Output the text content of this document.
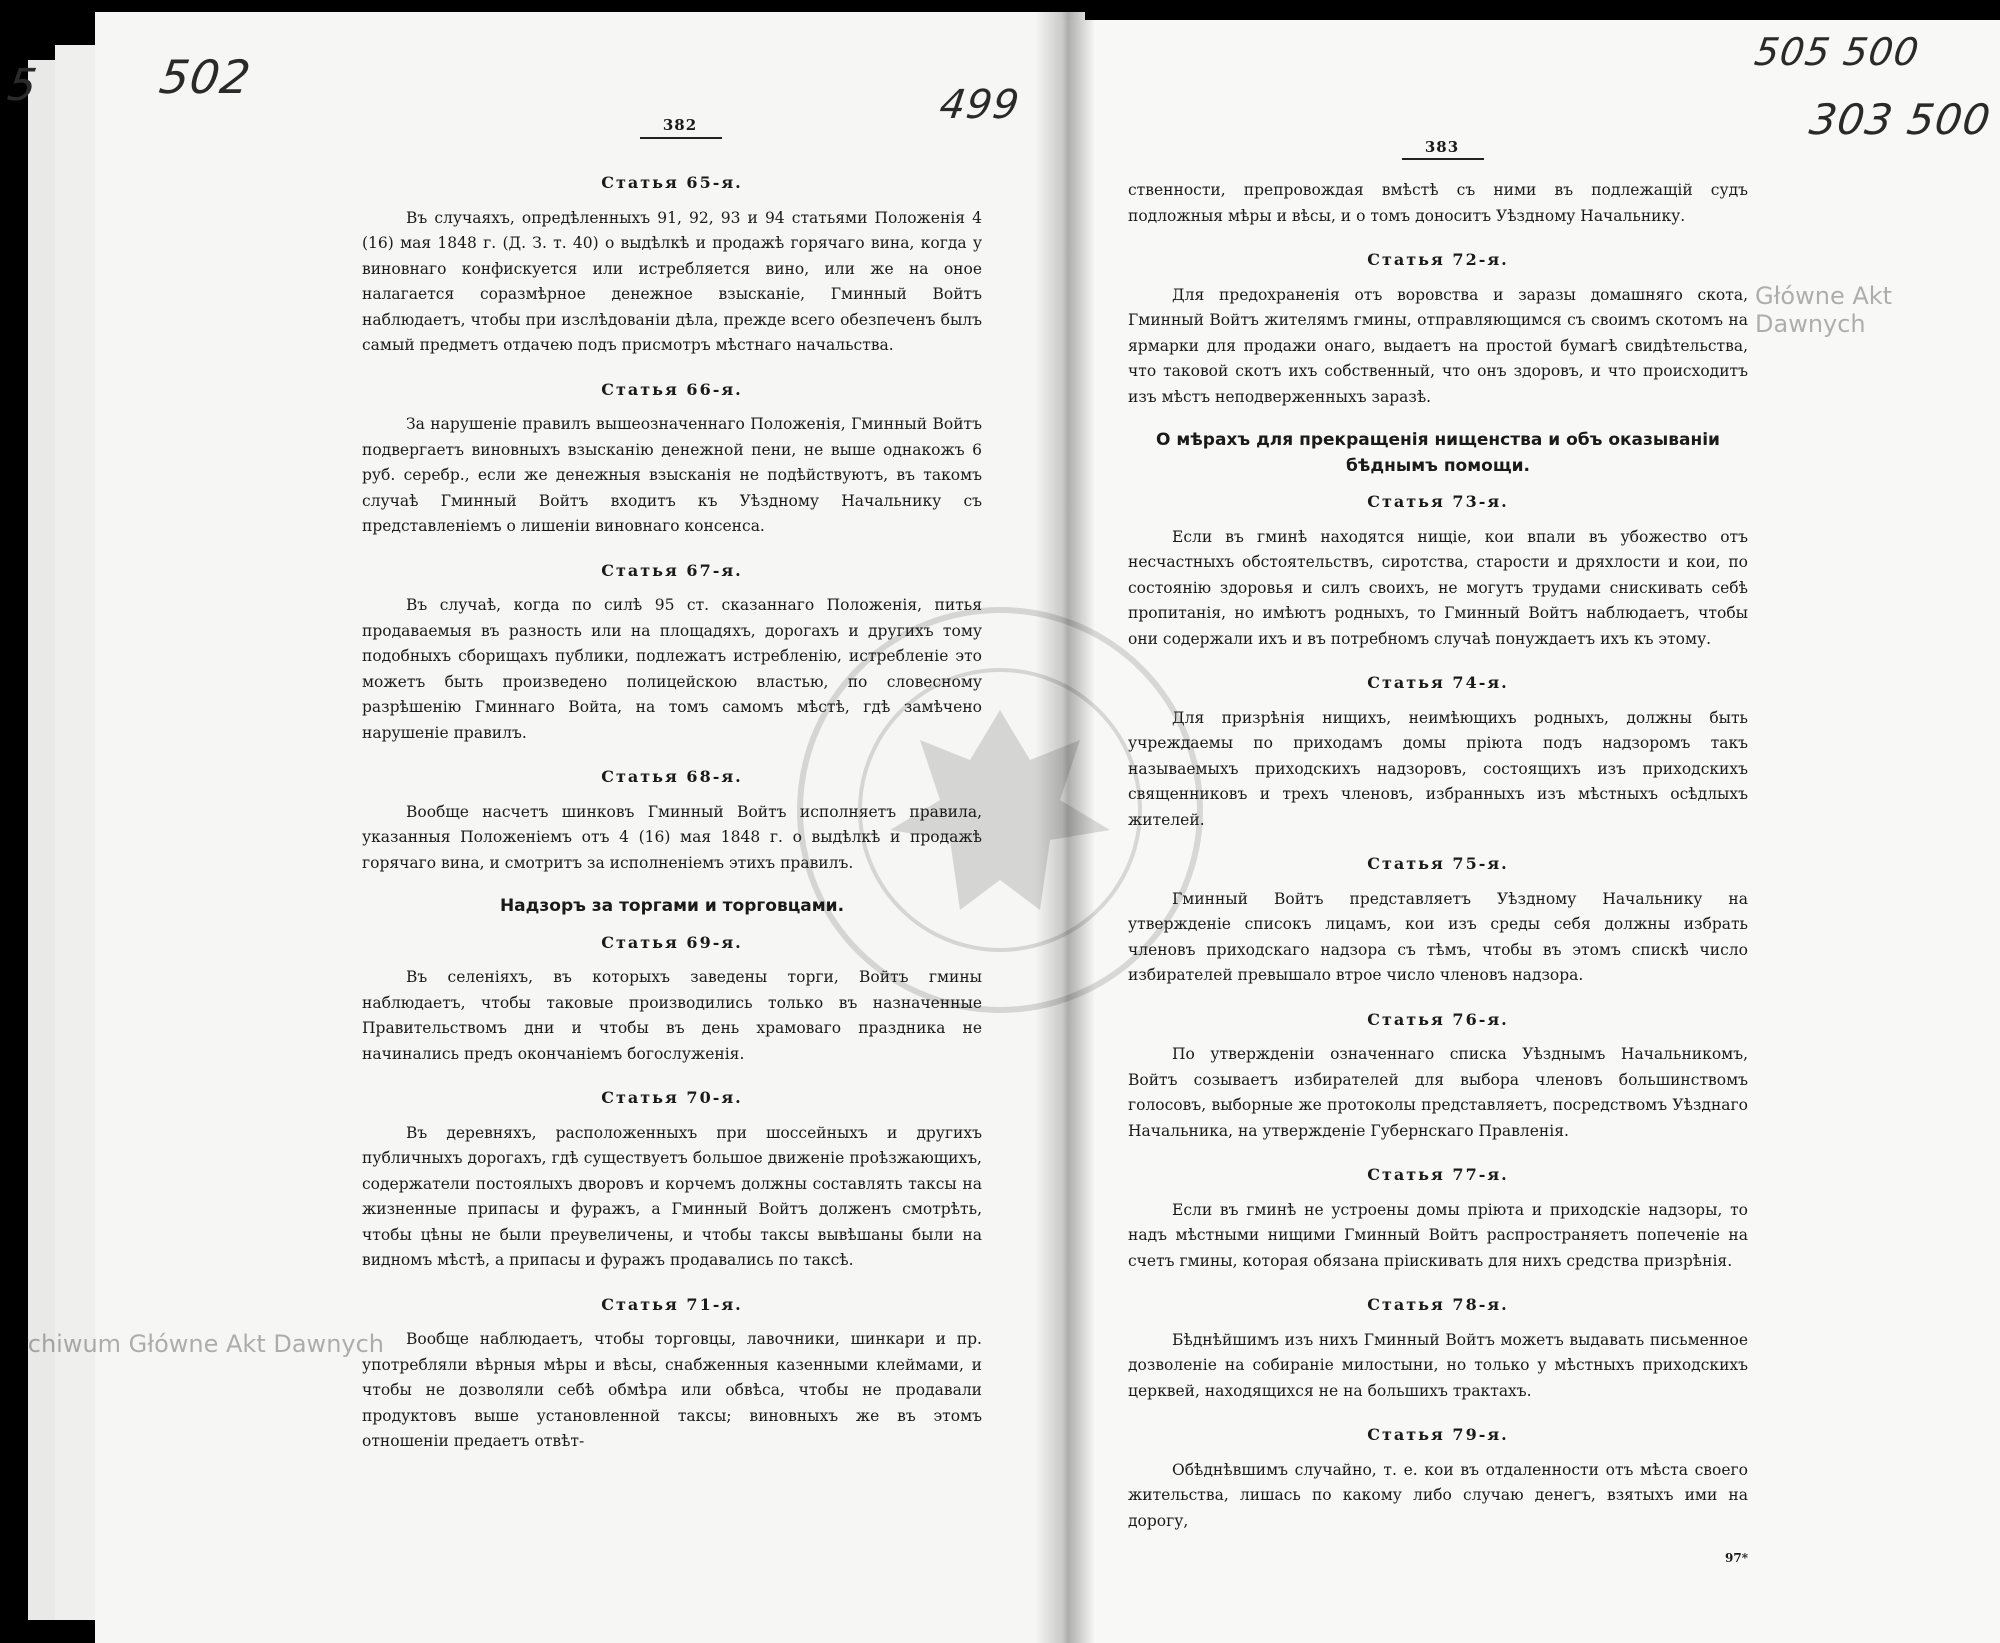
5	502
499
505 500
303 500
382
383
Archiwum Główne Akt Dawnych
Główne Akt Dawnych
Статья 65-я.

Въ случаяхъ, опредѣленныхъ 91, 92, 93 и 94 статьями Положенія 4 (16) мая 1848 г. (Д. З. т. 40) о выдѣлкѣ и продажѣ горячаго вина, когда у виновнаго конфискуется или истребляется вино, или же на оное налагается соразмѣрное денежное взысканіе, Гминный Войтъ наблюдаетъ, чтобы при изслѣдованіи дѣла, прежде всего обезпеченъ былъ самый предметъ отдачею подъ присмотръ мѣстнаго начальства.

Статья 66-я.

За нарушеніе правилъ вышеозначеннаго Положенія, Гминный Войтъ подвергаетъ виновныхъ взысканію денежной пени, не выше однакожъ 6 руб. серебр., если же денежныя взысканія не подѣйствуютъ, въ такомъ случаѣ Гминный Войтъ входитъ къ Уѣздному Начальнику съ представленіемъ о лишеніи виновнаго консенса.

Статья 67-я.

Въ случаѣ, когда по силѣ 95 ст. сказаннаго Положенія, питья продаваемыя въ разность или на площадяхъ, дорогахъ и другихъ тому подобныхъ сборищахъ публики, подлежатъ истребленію, истребленіе это можетъ быть произведено полицейскою властью, по словесному разрѣшенію Гминнаго Войта, на томъ самомъ мѣстѣ, гдѣ замѣчено нарушеніе правилъ.

Статья 68-я.

Вообще насчетъ шинковъ Гминный Войтъ исполняетъ правила, указанныя Положеніемъ отъ 4 (16) мая 1848 г. о выдѣлкѣ и продажѣ горячаго вина, и смотритъ за исполненіемъ этихъ правилъ.

Надзоръ за торгами и торговцами.
Статья 69-я.

Въ селеніяхъ, въ которыхъ заведены торги, Войтъ гмины наблюдаетъ, чтобы таковые производились только въ назначенные Правительствомъ дни и чтобы въ день храмоваго праздника не начинались предъ окончаніемъ богослуженія.

Статья 70-я.

Въ деревняхъ, расположенныхъ при шоссейныхъ и другихъ публичныхъ дорогахъ, гдѣ существуетъ большое движеніе проѣзжающихъ, содержатели постоялыхъ дворовъ и корчемъ должны составлять таксы на жизненные припасы и фуражъ, а Гминный Войтъ долженъ смотрѣть, чтобы цѣны не были преувеличены, и чтобы таксы вывѣшаны были на видномъ мѣстѣ, а припасы и фуражъ продавались по таксѣ.

Статья 71-я.

Вообще наблюдаетъ, чтобы торговцы, лавочники, шинкари и пр. употребляли вѣрныя мѣры и вѣсы, снабженныя казенными клеймами, и чтобы не дозволяли себѣ обмѣра или обвѣса, чтобы не продавали продуктовъ выше установленной таксы; виновныхъ же въ этомъ отношеніи предаетъ отвѣт-

ственности, препровождая вмѣстѣ съ ними въ подлежащій судъ подложныя мѣры и вѣсы, и о томъ доноситъ Уѣздному Начальнику.

Статья 72-я.

Для предохраненія отъ воровства и заразы домашняго скота, Гминный Войтъ жителямъ гмины, отправляющимся съ своимъ скотомъ на ярмарки для продажи онаго, выдаетъ на простой бумагѣ свидѣтельства, что таковой скотъ ихъ собственный, что онъ здоровъ, и что происходитъ изъ мѣстъ неподверженныхъ заразѣ.

О мѣрахъ для прекращенія нищенства и объ оказываніи бѣднымъ помощи.
Статья 73-я.

Если въ гминѣ находятся нищіе, кои впали въ убожество отъ несчастныхъ обстоятельствъ, сиротства, старости и дряхлости и кои, по состоянію здоровья и силъ своихъ, не могутъ трудами снискивать себѣ пропитанія, но имѣютъ родныхъ, то Гминный Войтъ наблюдаетъ, чтобы они содержали ихъ и въ потребномъ случаѣ понуждаетъ ихъ къ этому.

Статья 74-я.

Для призрѣнія нищихъ, неимѣющихъ родныхъ, должны быть учреждаемы по приходамъ домы пріюта подъ надзоромъ такъ называемыхъ приходскихъ надзоровъ, состоящихъ изъ приходскихъ священниковъ и трехъ членовъ, избранныхъ изъ мѣстныхъ осѣдлыхъ жителей.

Статья 75-я.

Гминный Войтъ представляетъ Уѣздному Начальнику на утвержденіе списокъ лицамъ, кои изъ среды себя должны избрать членовъ приходскаго надзора съ тѣмъ, чтобы въ этомъ спискѣ число избирателей превышало втрое число членовъ надзора.

Статья 76-я.

По утвержденіи означеннаго списка Уѣзднымъ Начальникомъ, Войтъ созываетъ избирателей для выбора членовъ большинствомъ голосовъ, выборные же протоколы представляетъ, посредствомъ Уѣзднаго Начальника, на утвержденіе Губернскаго Правленія.

Статья 77-я.

Если въ гминѣ не устроены домы пріюта и приходскіе надзоры, то надъ мѣстными нищими Гминный Войтъ распространяетъ попеченіе на счетъ гмины, которая обязана пріискивать для нихъ средства призрѣнія.

Статья 78-я.

Бѣднѣйшимъ изъ нихъ Гминный Войтъ можетъ выдавать письменное дозволеніе на собираніе милостыни, но только у мѣстныхъ приходскихъ церквей, находящихся не на большихъ трактахъ.

Статья 79-я.

Обѣднѣвшимъ случайно, т. е. кои въ отдаленности отъ мѣста своего жительства, лишась по какому либо случаю денегъ, взятыхъ ими на дорогу,

97*
